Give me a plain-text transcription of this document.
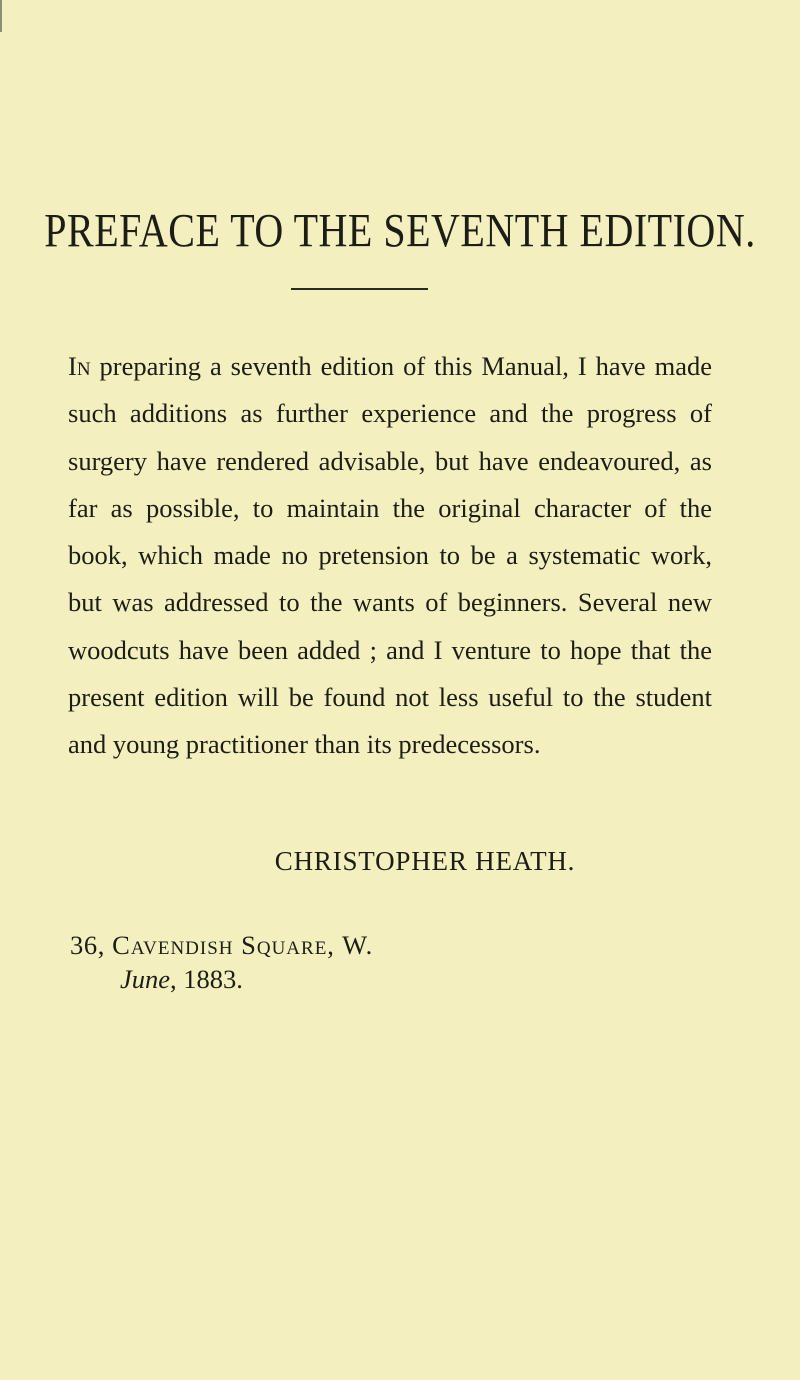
PREFACE TO THE SEVENTH EDITION.

In preparing a seventh edition of this Manual, I have made such additions as further experience and the progress of surgery have rendered advisable, but have endeavoured, as far as possible, to maintain the original character of the book, which made no pretension to be a systematic work, but was addressed to the wants of beginners. Several new woodcuts have been added ; and I venture to hope that the present edition will be found not less useful to the student and young practitioner than its predecessors.

CHRISTOPHER HEATH.

36, Cavendish Square, W.

June, 1883.
